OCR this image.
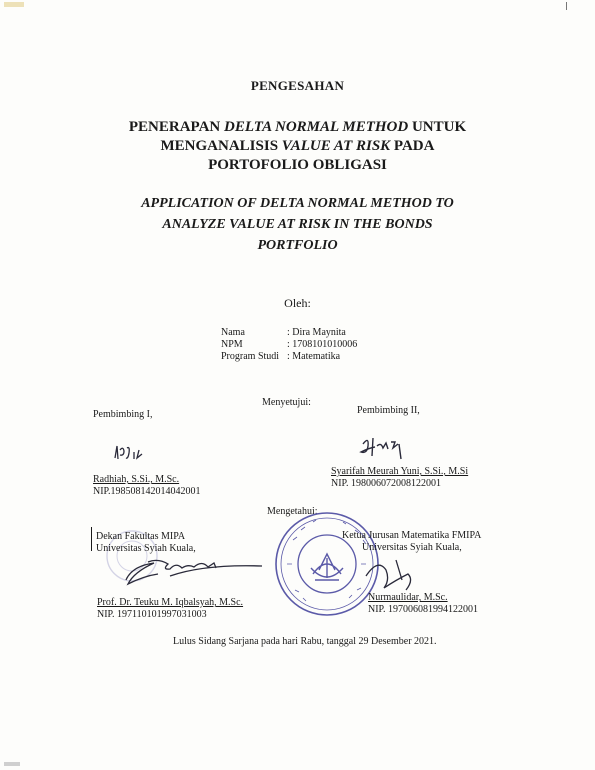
PENGESAHAN
PENERAPAN DELTA NORMAL METHOD UNTUK
MENGANALISIS VALUE AT RISK PADA
PORTOFOLIO OBLIGASI
APPLICATION OF DELTA NORMAL METHOD TO
ANALYZE VALUE AT RISK IN THE BONDS
PORTFOLIO
Oleh:
Nama	: Dira Maynita
NPM	: 1708101010006
Program Studi : Matematika
Menyetujui:
Pembimbing I,
Radhiah, S.Si., M.Sc.
NIP.198508142014042001
Pembimbing II,
Syarifah Meurah Yuni, S.Si., M.Si
NIP. 198006072008122001
Mengetahui:
Dekan Fakultas MIPA
Universitas Syiah Kuala,
Prof. Dr. Teuku M. Iqbalsyah, M.Sc.
NIP. 197110101997031003
Ketua Jurusan Matematika FMIPA
Universitas Syiah Kuala,
Nurmaulidar, M.Sc.
NIP. 197006081994122001
Lulus Sidang Sarjana pada hari Rabu, tanggal 29 Desember 2021.
